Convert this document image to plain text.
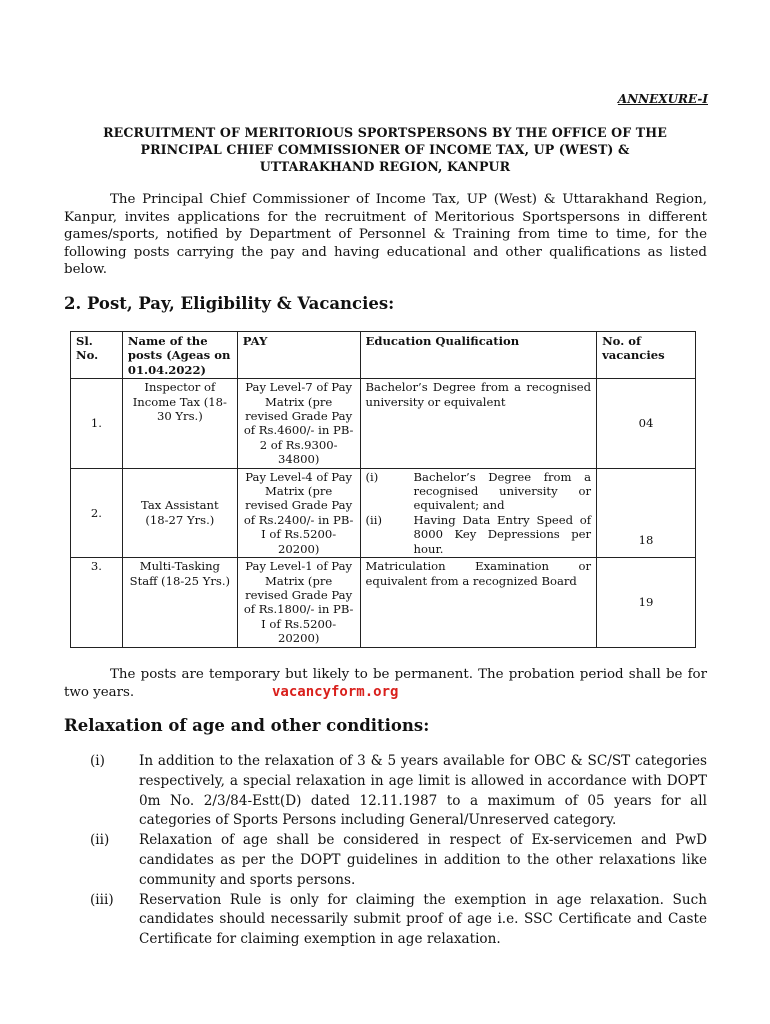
ANNEXURE-I
RECRUITMENT OF MERITORIOUS SPORTSPERSONS BY THE OFFICE OF THE
PRINCIPAL CHIEF COMMISSIONER OF INCOME TAX, UP (WEST) &
UTTARAKHAND REGION, KANPUR
The Principal Chief Commissioner of Income Tax, UP (West) & Uttarakhand Region, Kanpur, invites applications for the recruitment of Meritorious Sportspersons in different games/sports, notified by Department of Personnel & Training from time to time, for the following posts carrying the pay and having educational and other qualifications as listed below.
2. Post, Pay, Eligibility & Vacancies:
Sl. No.	Name of the posts (Ageas on 01.04.2022)	PAY	Education Qualification	No. of vacancies
1.	Inspector of Income Tax (18-30 Yrs.)	Pay Level-7 of Pay Matrix (pre revised Grade Pay of Rs.4600/- in PB-2 of Rs.9300-34800)	Bachelor’s Degree from a recognised university or equivalent	04
2.	Tax Assistant (18-27 Yrs.)	Pay Level-4 of Pay Matrix (pre revised Grade Pay of Rs.2400/- in PB-I of Rs.5200-20200)	(i) Bachelor’s Degree from a recognised university or equivalent; and
(ii) Having Data Entry Speed of 8000 Key Depressions per hour.	18
3.	Multi-Tasking Staff (18-25 Yrs.)	Pay Level-1 of Pay Matrix (pre revised Grade Pay of Rs.1800/- in PB-I of Rs.5200-20200)	Matriculation Examination or equivalent from a recognized Board	19
The posts are temporary but likely to be permanent. The probation period shall be for two years.	vacancyform.org
Relaxation of age and other conditions:
(i)	In addition to the relaxation of 3 & 5 years available for OBC & SC/ST categories respectively, a special relaxation in age limit is allowed in accordance with DOPT 0m No. 2/3/84-Estt(D) dated 12.11.1987 to a maximum of 05 years for all categories of Sports Persons including General/Unreserved category.
(ii)	Relaxation of age shall be considered in respect of Ex-servicemen and PwD candidates as per the DOPT guidelines in addition to the other relaxations like community and sports persons.
(iii)	Reservation Rule is only for claiming the exemption in age relaxation. Such candidates should necessarily submit proof of age i.e. SSC Certificate and Caste Certificate for claiming exemption in age relaxation.
